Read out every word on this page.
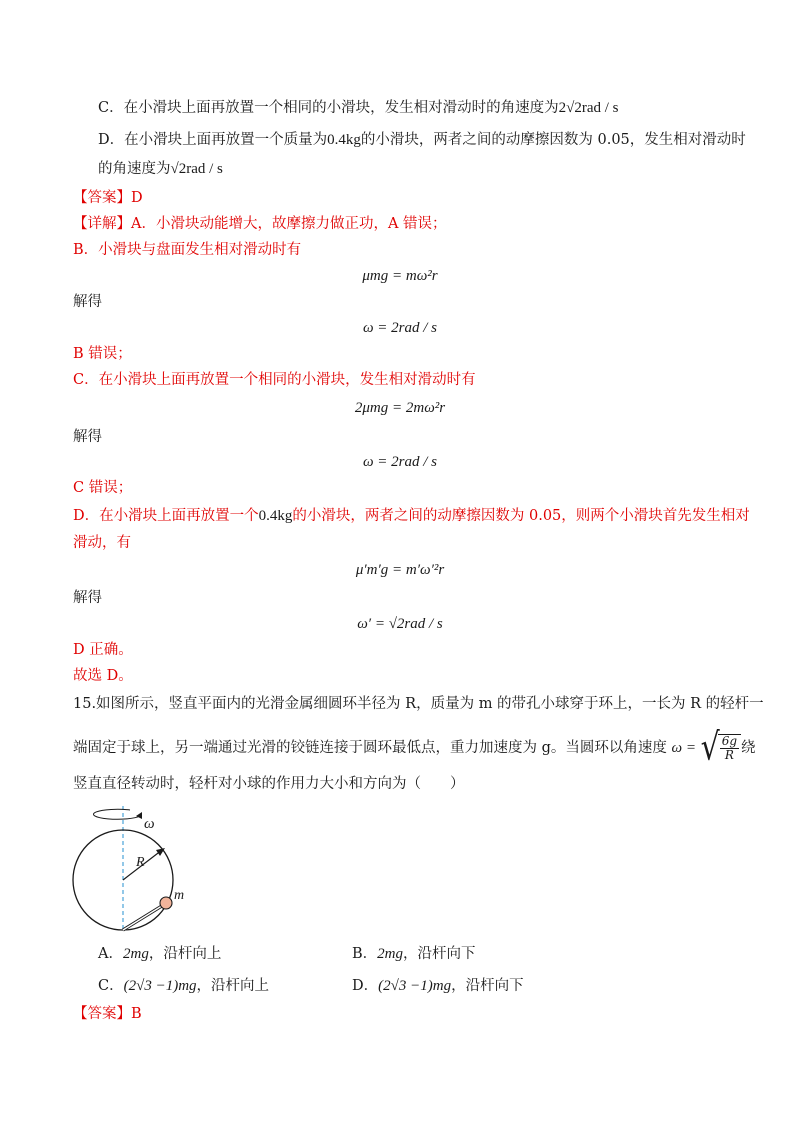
C．在小滑块上面再放置一个相同的小滑块，发生相对滑动时的角速度为2√2rad / s
D．在小滑块上面再放置一个质量为0.4kg的小滑块，两者之间的动摩擦因数为 0.05，发生相对滑动时
的角速度为√2rad / s
【答案】D
【详解】A．小滑块动能增大，故摩擦力做正功，A 错误；
B．小滑块与盘面发生相对滑动时有
μmg = mω²r
解得
ω = 2rad / s
B 错误；
C．在小滑块上面再放置一个相同的小滑块，发生相对滑动时有
2μmg = 2mω²r
解得
ω = 2rad / s
C 错误；
D．在小滑块上面再放置一个0.4kg的小滑块，两者之间的动摩擦因数为 0.05，则两个小滑块首先发生相对
滑动，有
μ′m′g = m′ω′²r
解得
ω′ = √2rad / s
D 正确。
故选 D。
15.如图所示，竖直平面内的光滑金属细圆环半径为 R，质量为 m 的带孔小球穿于环上，一长为 R 的轻杆一
端固定于球上，另一端通过光滑的铰链连接于圆环最低点，重力加速度为 g。当圆环以角速度 ω = √ $\frac{6g}{R}$ 绕
竖直直径转动时，轻杆对小球的作用力大小和方向为（　　）
ω
R
m
A．2mg，沿杆向上	B．2mg，沿杆向下
C．(2√3 −1)mg，沿杆向上	D．(2√3 −1)mg，沿杆向下
【答案】B
